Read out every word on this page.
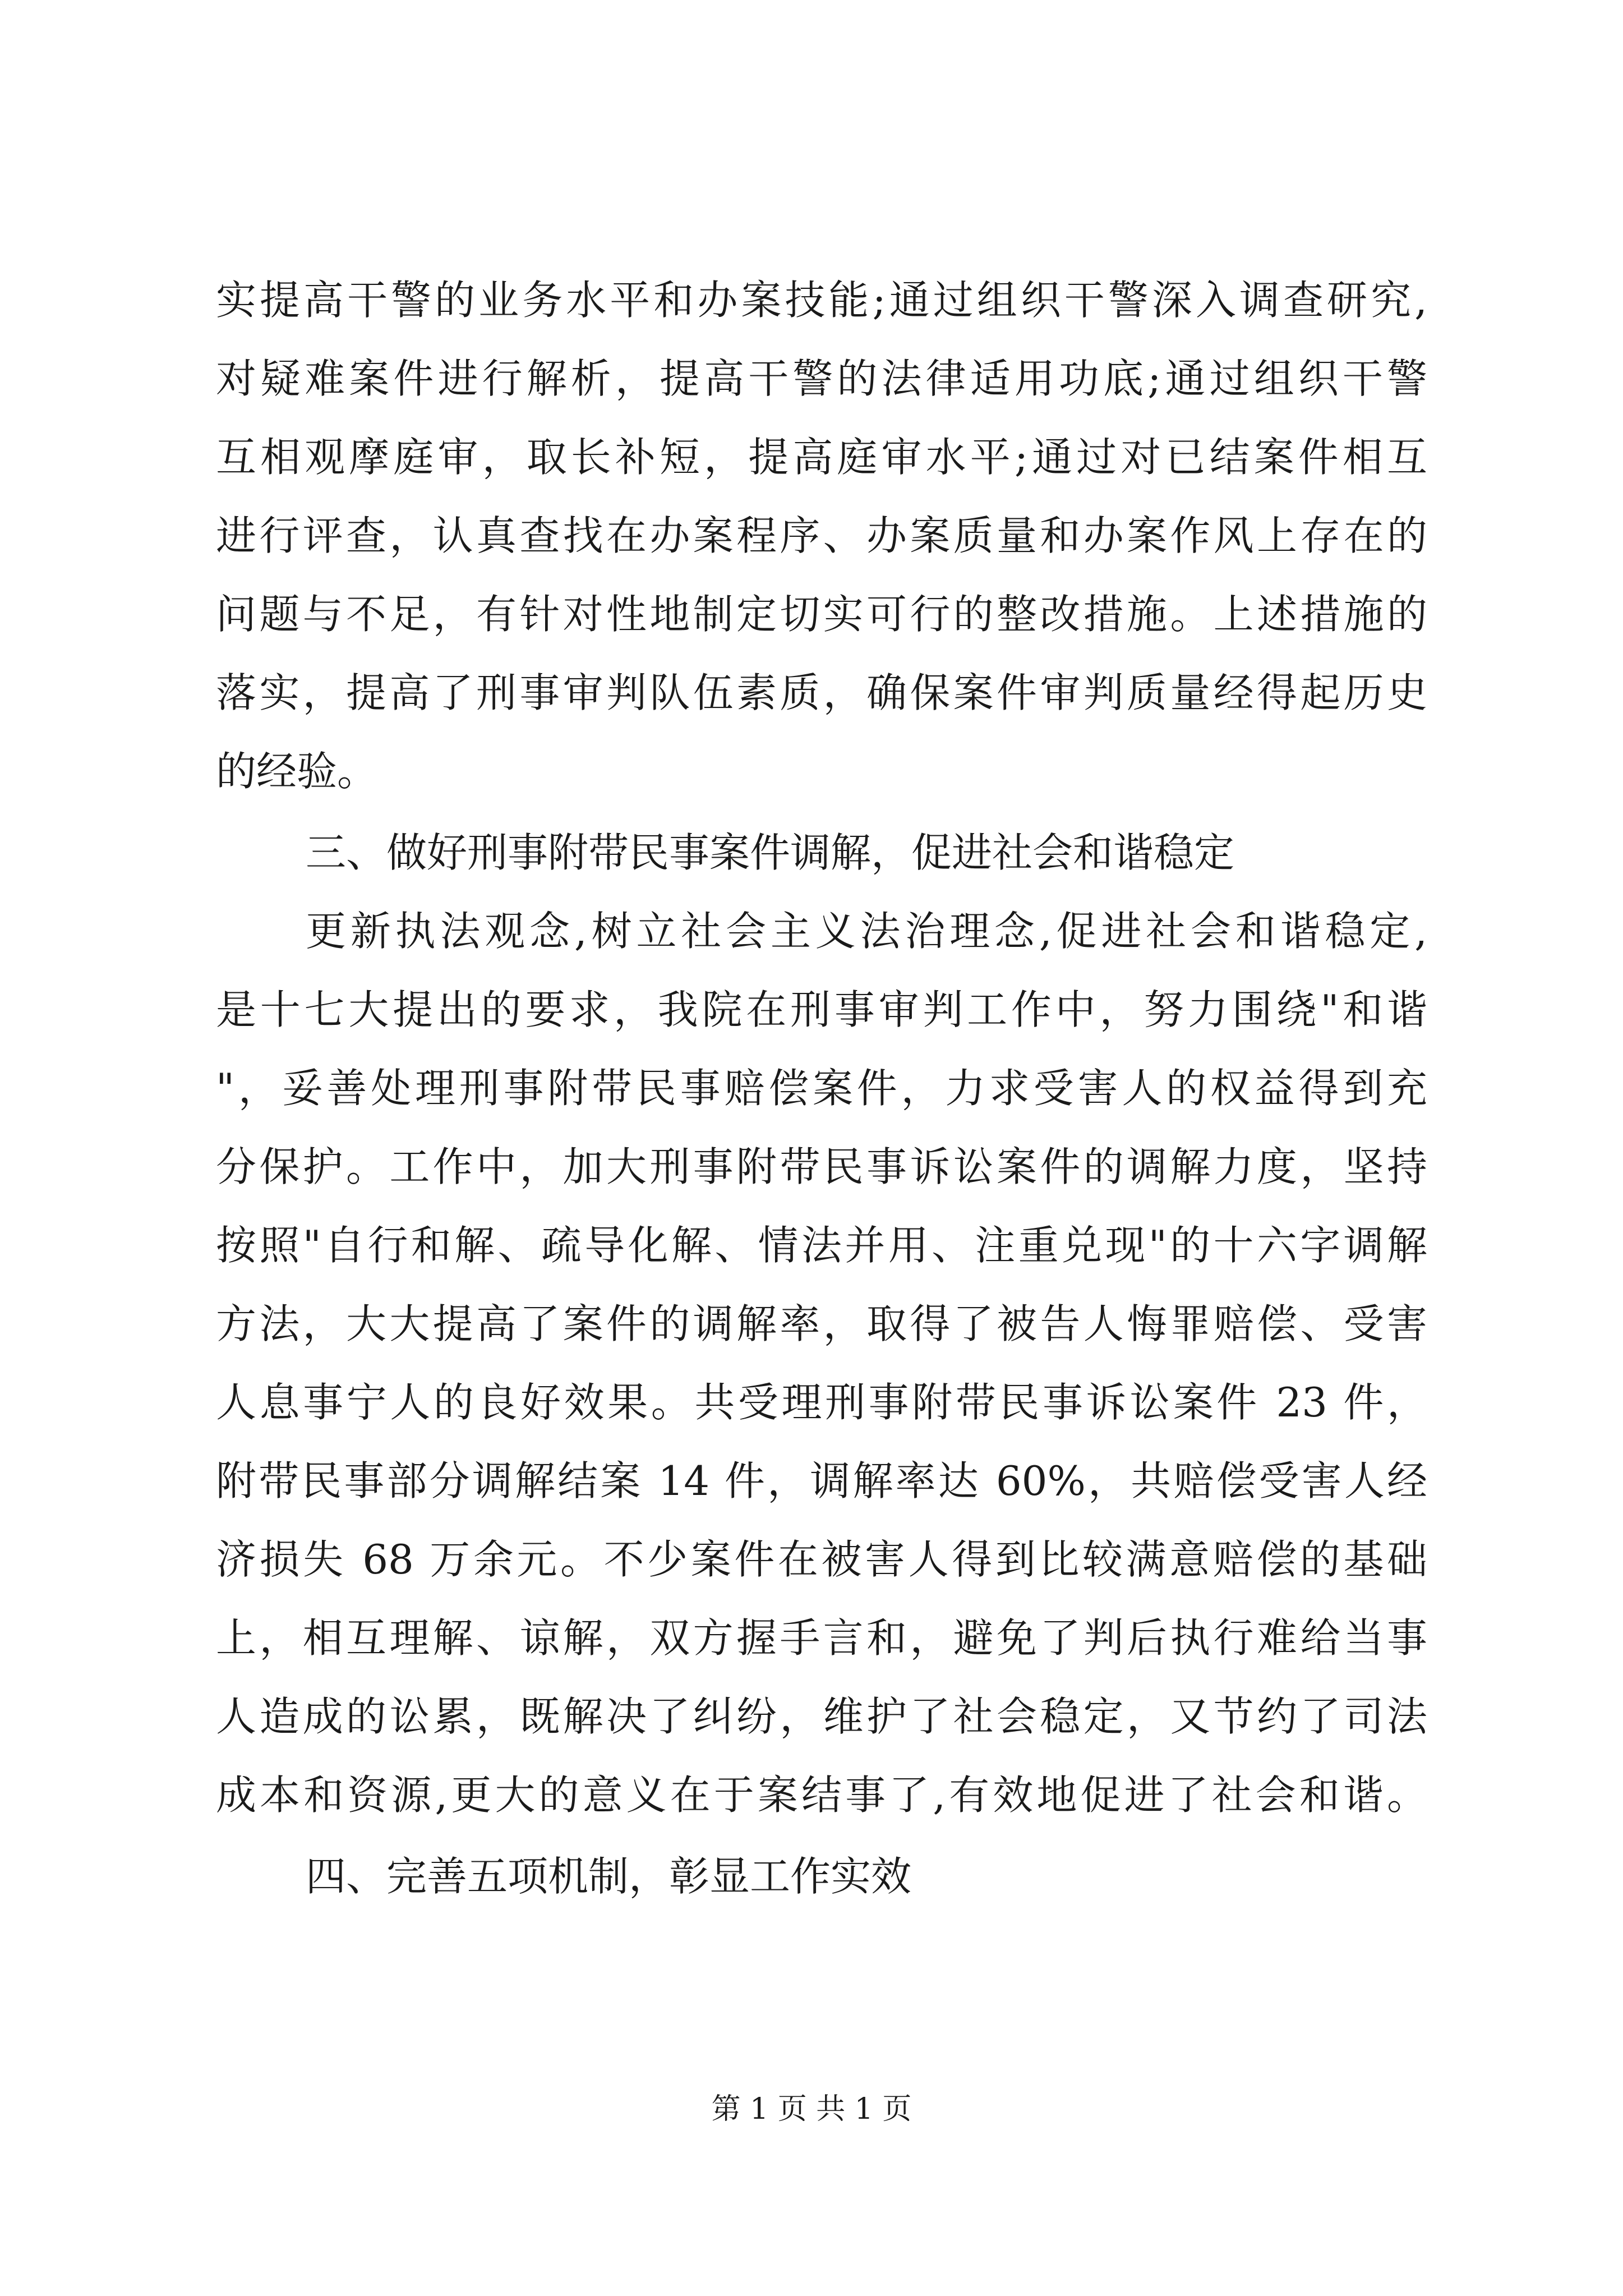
实提高干警的业务水平和办案技能;通过组织干警深入调查研究,
对疑难案件进行解析，提高干警的法律适用功底;通过组织干警
互相观摩庭审，取长补短，提高庭审水平;通过对已结案件相互
进行评查，认真查找在办案程序、办案质量和办案作风上存在的
问题与不足，有针对性地制定切实可行的整改措施。上述措施的
落实，提高了刑事审判队伍素质，确保案件审判质量经得起历史
的经验。
三、做好刑事附带民事案件调解，促进社会和谐稳定
更新执法观念,树立社会主义法治理念,促进社会和谐稳定,
是十七大提出的要求，我院在刑事审判工作中，努力围绕"和谐
"，妥善处理刑事附带民事赔偿案件，力求受害人的权益得到充
分保护。工作中，加大刑事附带民事诉讼案件的调解力度，坚持
按照"自行和解、疏导化解、情法并用、注重兑现"的十六字调解
方法，大大提高了案件的调解率，取得了被告人悔罪赔偿、受害
人息事宁人的良好效果。共受理刑事附带民事诉讼案件 23 件，
附带民事部分调解结案 14 件，调解率达 60%，共赔偿受害人经
济损失 68 万余元。不少案件在被害人得到比较满意赔偿的基础
上，相互理解、谅解，双方握手言和，避免了判后执行难给当事
人造成的讼累，既解决了纠纷，维护了社会稳定，又节约了司法
成本和资源,更大的意义在于案结事了,有效地促进了社会和谐。
四、完善五项机制，彰显工作实效
第 1 页 共 1 页
